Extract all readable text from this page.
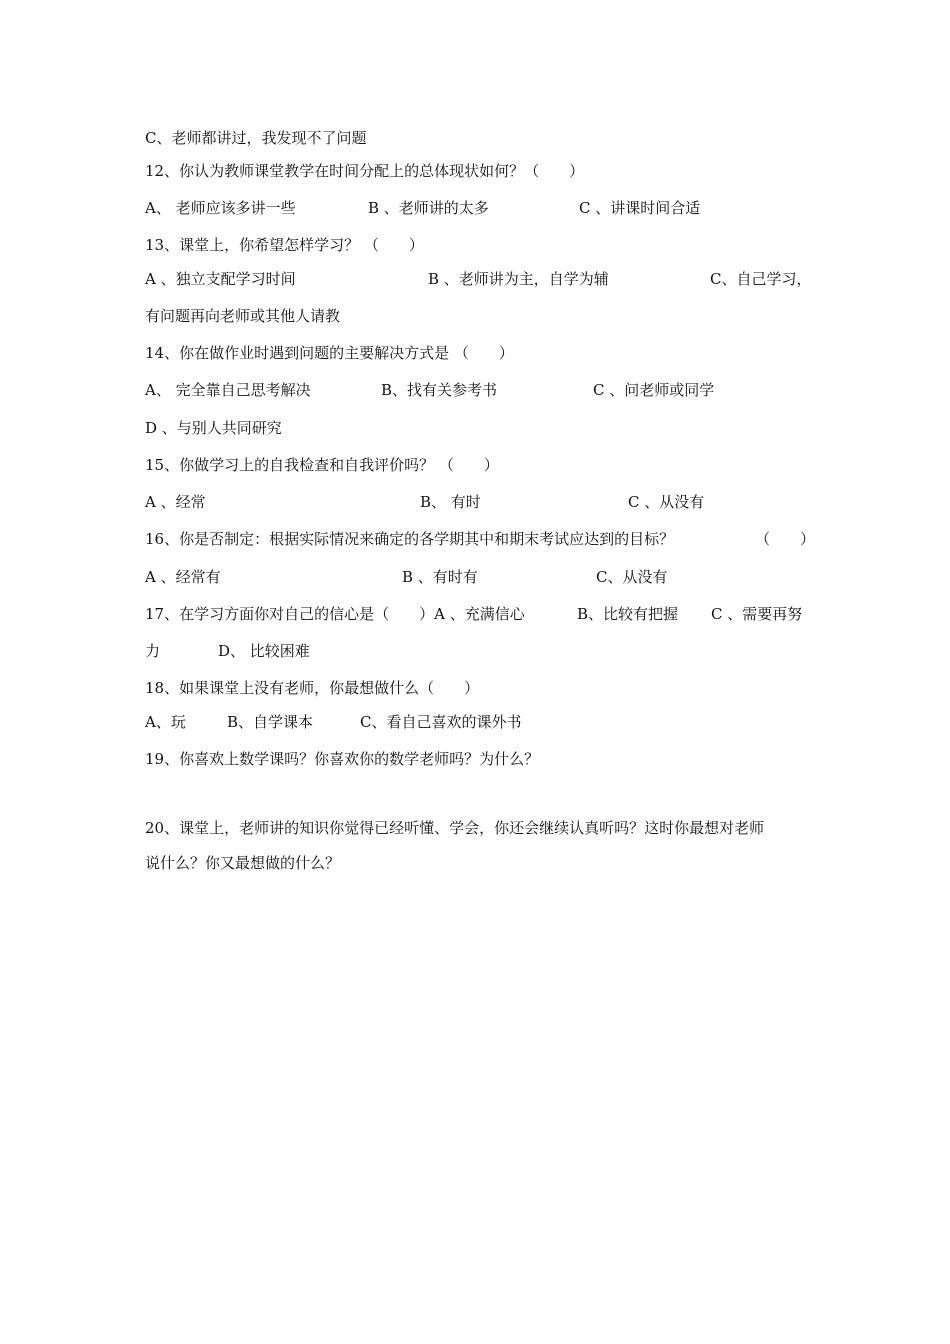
C、老师都讲过，我发现不了问题
12、你认为教师课堂教学在时间分配上的总体现状如何？（　　）
A、 老师应该多讲一些	B 、老师讲的太多	C 、讲课时间合适
13、课堂上，你希望怎样学习？ （　　）
A 、独立支配学习时间	B 、老师讲为主，自学为辅	C、自己学习，
有问题再向老师或其他人请教
14、你在做作业时遇到问题的主要解决方式是 （　　）
A、 完全靠自己思考解决	B、找有关参考书	C 、问老师或同学
D 、与别人共同研究
15、你做学习上的自我检查和自我评价吗？ （　　）
A 、经常	B、 有时	C 、从没有
16、你是否制定：根据实际情况来确定的各学期其中和期末考试应达到的目标？	（　　）
A 、经常有	B 、有时有	C、从没有
17、在学习方面你对自己的信心是（　　）A 、充满信心	B、比较有把握 C 、需要再努
力	D、 比较困难
18、如果课堂上没有老师，你最想做什么（　　）
A、玩	B、自学课本	C、看自己喜欢的课外书
19、你喜欢上数学课吗？你喜欢你的数学老师吗？为什么？
20、课堂上，老师讲的知识你觉得已经听懂、学会，你还会继续认真听吗？这时你最想对老师
说什么？你又最想做的什么？
